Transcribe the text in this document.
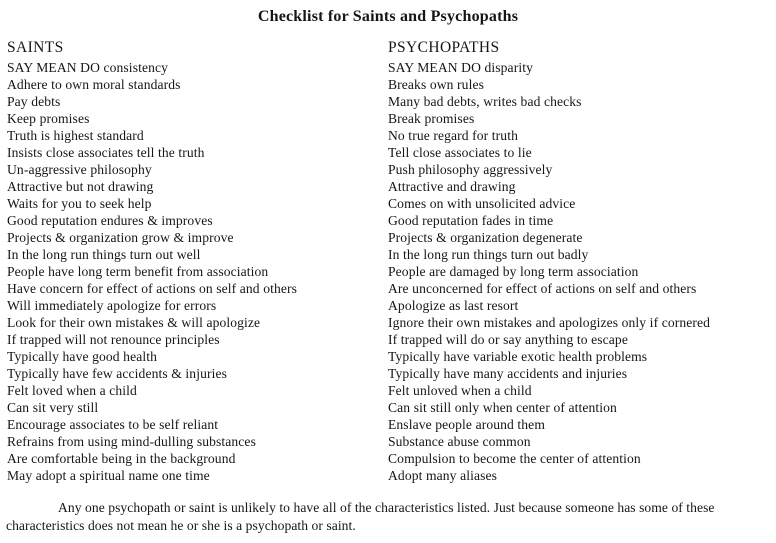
Checklist for Saints and Psychopaths
SAINTS
SAY MEAN DO consistency
Adhere to own moral standards
Pay debts
Keep promises
Truth is highest standard
Insists close associates tell the truth
Un-aggressive philosophy
Attractive but not drawing
Waits for you to seek help
Good reputation endures & improves
Projects & organization grow & improve
In the long run things turn out well
People have long term benefit from association
Have concern for effect of actions on self and others
Will immediately apologize for errors
Look for their own mistakes & will apologize
If trapped will not renounce principles
Typically have good health
Typically have few accidents & injuries
Felt loved when a child
Can sit very still
Encourage associates to be self reliant
Refrains from using mind-dulling substances
Are comfortable being in the background
May adopt a spiritual name one time
PSYCHOPATHS
SAY MEAN DO disparity
Breaks own rules
Many bad debts, writes bad checks
Break promises
No true regard for truth
Tell close associates to lie
Push philosophy aggressively
Attractive and drawing
Comes on with unsolicited advice
Good reputation fades in time
Projects & organization degenerate
In the long run things turn out badly
People are damaged by long term association
Are unconcerned for effect of actions on self and others
Apologize as last resort
Ignore their own mistakes and apologizes only if cornered
If trapped will do or say anything to escape
Typically have variable exotic health problems
Typically have many accidents and injuries
Felt unloved when a child
Can sit still only when center of attention
Enslave people around them
Substance abuse common
Compulsion to become the center of attention
Adopt many aliases
Any one psychopath or saint is unlikely to have all of the characteristics listed. Just because someone has some of these characteristics does not mean he or she is a psychopath or saint.
